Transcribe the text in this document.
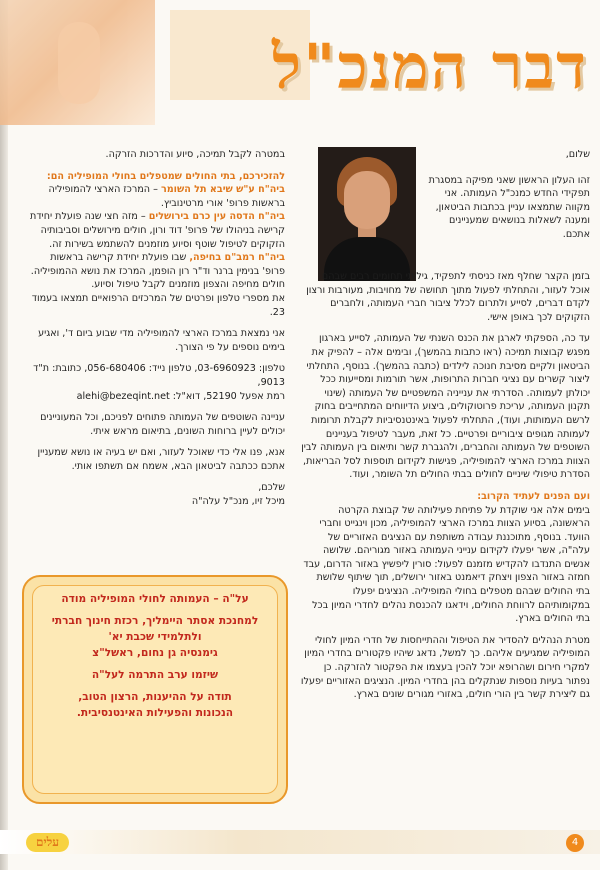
דבר המנכ"ל

במטרה לקבל תמיכה, סיוע והדרכות הזרקה.

להזכירכם, בתי החולים שמטפלים בחולי המופיליה הם:
ביה"ח ע"ש שיבא תל השומר – המרכז הארצי להמופיליה בראשות פרופ' אורי מרטינוביץ.
ביה"ח הדסה עין כרם בירושלים – מזה חצי שנה פועלת יחידת קרישה בניהולו של פרופ' דוד ורון, חולים מירושלים וסביבותיה הזקוקים לטיפול שוטף וסיוע מוזמנים להשתמש בשירות זה.
ביה"ח רמב"ם בחיפה, שבו פועלת יחידת קרישה בראשות פרופ' בנימין ברנר וד"ר רון הופמן, המרכז את נושא ההמופיליה. חולים מחיפה והצפון מוזמנים לקבל טיפול וסיוע.
את מספרי טלפון ופרטים של המרכזים הרפואיים תמצאו בעמוד 23.

אני נמצאת במרכז הארצי להמופיליה מדי שבוע ביום ד', ואגיע בימים נוספים על פי הצורך.

טלפון: 03-6960923, טלפון נייד: 056-680406, כתובת: ת"ד 9013,
רמת אפעל 52190, דוא"ל: alehi@bezeqint.net

עניינה השוטפים של העמותה פתוחים לפניכם, וכל המעוניינים יכולים לעיין ברוחות השונים, בתיאום מראש איתי.

אנא, פנו אלי כדי שאוכל לעזור, ואם יש בעיה או נושא שמעניין אתכם ככתבה לביטאון הבא, אשמח אם תשתפו אותי.

שלכם,
מיכל זיו, מנכ"ל עלה"ה

שלום,

זהו העלון הראשון שאני מפיקה במסגרת תפקידי החדש כמנכ"ל העמותה. אני מקווה שתמצאו עניין בכתבות הביטאון, ומענה לשאלות בנושאים שמעניינים אתכם.

בזמן הקצר שחלף מאז כניסתי לתפקיד, גיליתי תחומים רבים שבהם אוכל לעזור, והתחלתי לפעול מתוך תחושה של מחויבות, מעורבות ורצון לקדם דברים, לסייע ולתרום לכלל ציבור חברי העמותה, ולחברים הזקוקים לכך באופן אישי.

עד כה, הספקתי לארגן את הכנס השנתי של העמותה, לסייע בארגון מפגש קבוצות תמיכה (ראו כתבות בהמשך), ובימים אלה – להפיק את הביטאון ולקיים מסיבת חנוכה לילדים (כתבה בהמשך). בנוסף, התחלתי ליצור קשרים עם נציגי חברות התרופות, אשר תורמות ומסייעות ככל יכולתן לעמותה. הסדרתי את ענייניה המשפטיים של העמותה (שינוי תקנון העמותה, עריכת פרוטוקולים, ביצוע הדיווחים המתחייבים בחוק לרשם העמותות, ועוד), התחלתי לפעול באינטנסיביות לקבלת תרומות לעמותה מגופים ציבוריים ופרטיים. כל זאת, מעבר לטיפול בעניינים השוטפים של העמותה והחברים, ולהגברת קשר ותיאום בין העמותה לבין הצוות במרכז הארצי להמופיליה, פגישות לקידום תוספות לסל הבריאות, הסדרת טיפולי שיניים לחולים בבתי החולים תל השומר, ועוד.

ועם הפנים לעתיד הקרוב:

בימים אלה אני שוקדת על פתיחת פעילותה של קבוצת הקרטה הראשונה, בסיוע הצוות במרכז הארצי להמופיליה, מכון וינגייט וחברי הוועד. בנוסף, מתוכננת עבודה משותפת עם הנציגים האזוריים של עלה"ה, אשר יפעלו לקידום ענייני העמותה באזור מגוריהם. שלושה אנשים התנדבו להקדיש מזמנם לפעול: סורין ליפשיץ באזור הדרום, עבד חמזה באזור הצפון ויצחק דיאמנט באזור ירושלים, תוך שיתוף שלושת בתי החולים שבהם מטפלים בחולי המופיליה. הנציגים יפעלו במקומותיהם לרווחת החולים, וידאגו להכנסת נהלים לחדרי המיון בכל בתי החולים בארץ.

מטרת הנהלים להסדיר את הטיפול וההתייחסות של חדרי המיון לחולי המופיליה שמגיעים אליהם. כך למשל, נדאג שיהיו פקטורים בחדרי המיון למקרי חירום ושהרופא יוכל להכין בעצמו את הפקטור להזרקה. כן נפתור בעיות נוספות שנתקלים בהן בחדרי המיון. הנציגים האזוריים יפעלו גם ליצירת קשר בין הורי חולים, באזורי מגורים שונים בארץ.

על"ה – העמותה לחולי המופיליה מודה
למחנכת אסתר היימליך, רכזת חינוך חברתי
ולתלמידי שכבת יא'
גימנסיה גן נחום, ראשל"צ
שיזמו ערב התרמה לעל"ה
תודה על ההיענות, הרצון הטוב,
הנכונות והפעילות האינטנסיבית.
עלים	4
